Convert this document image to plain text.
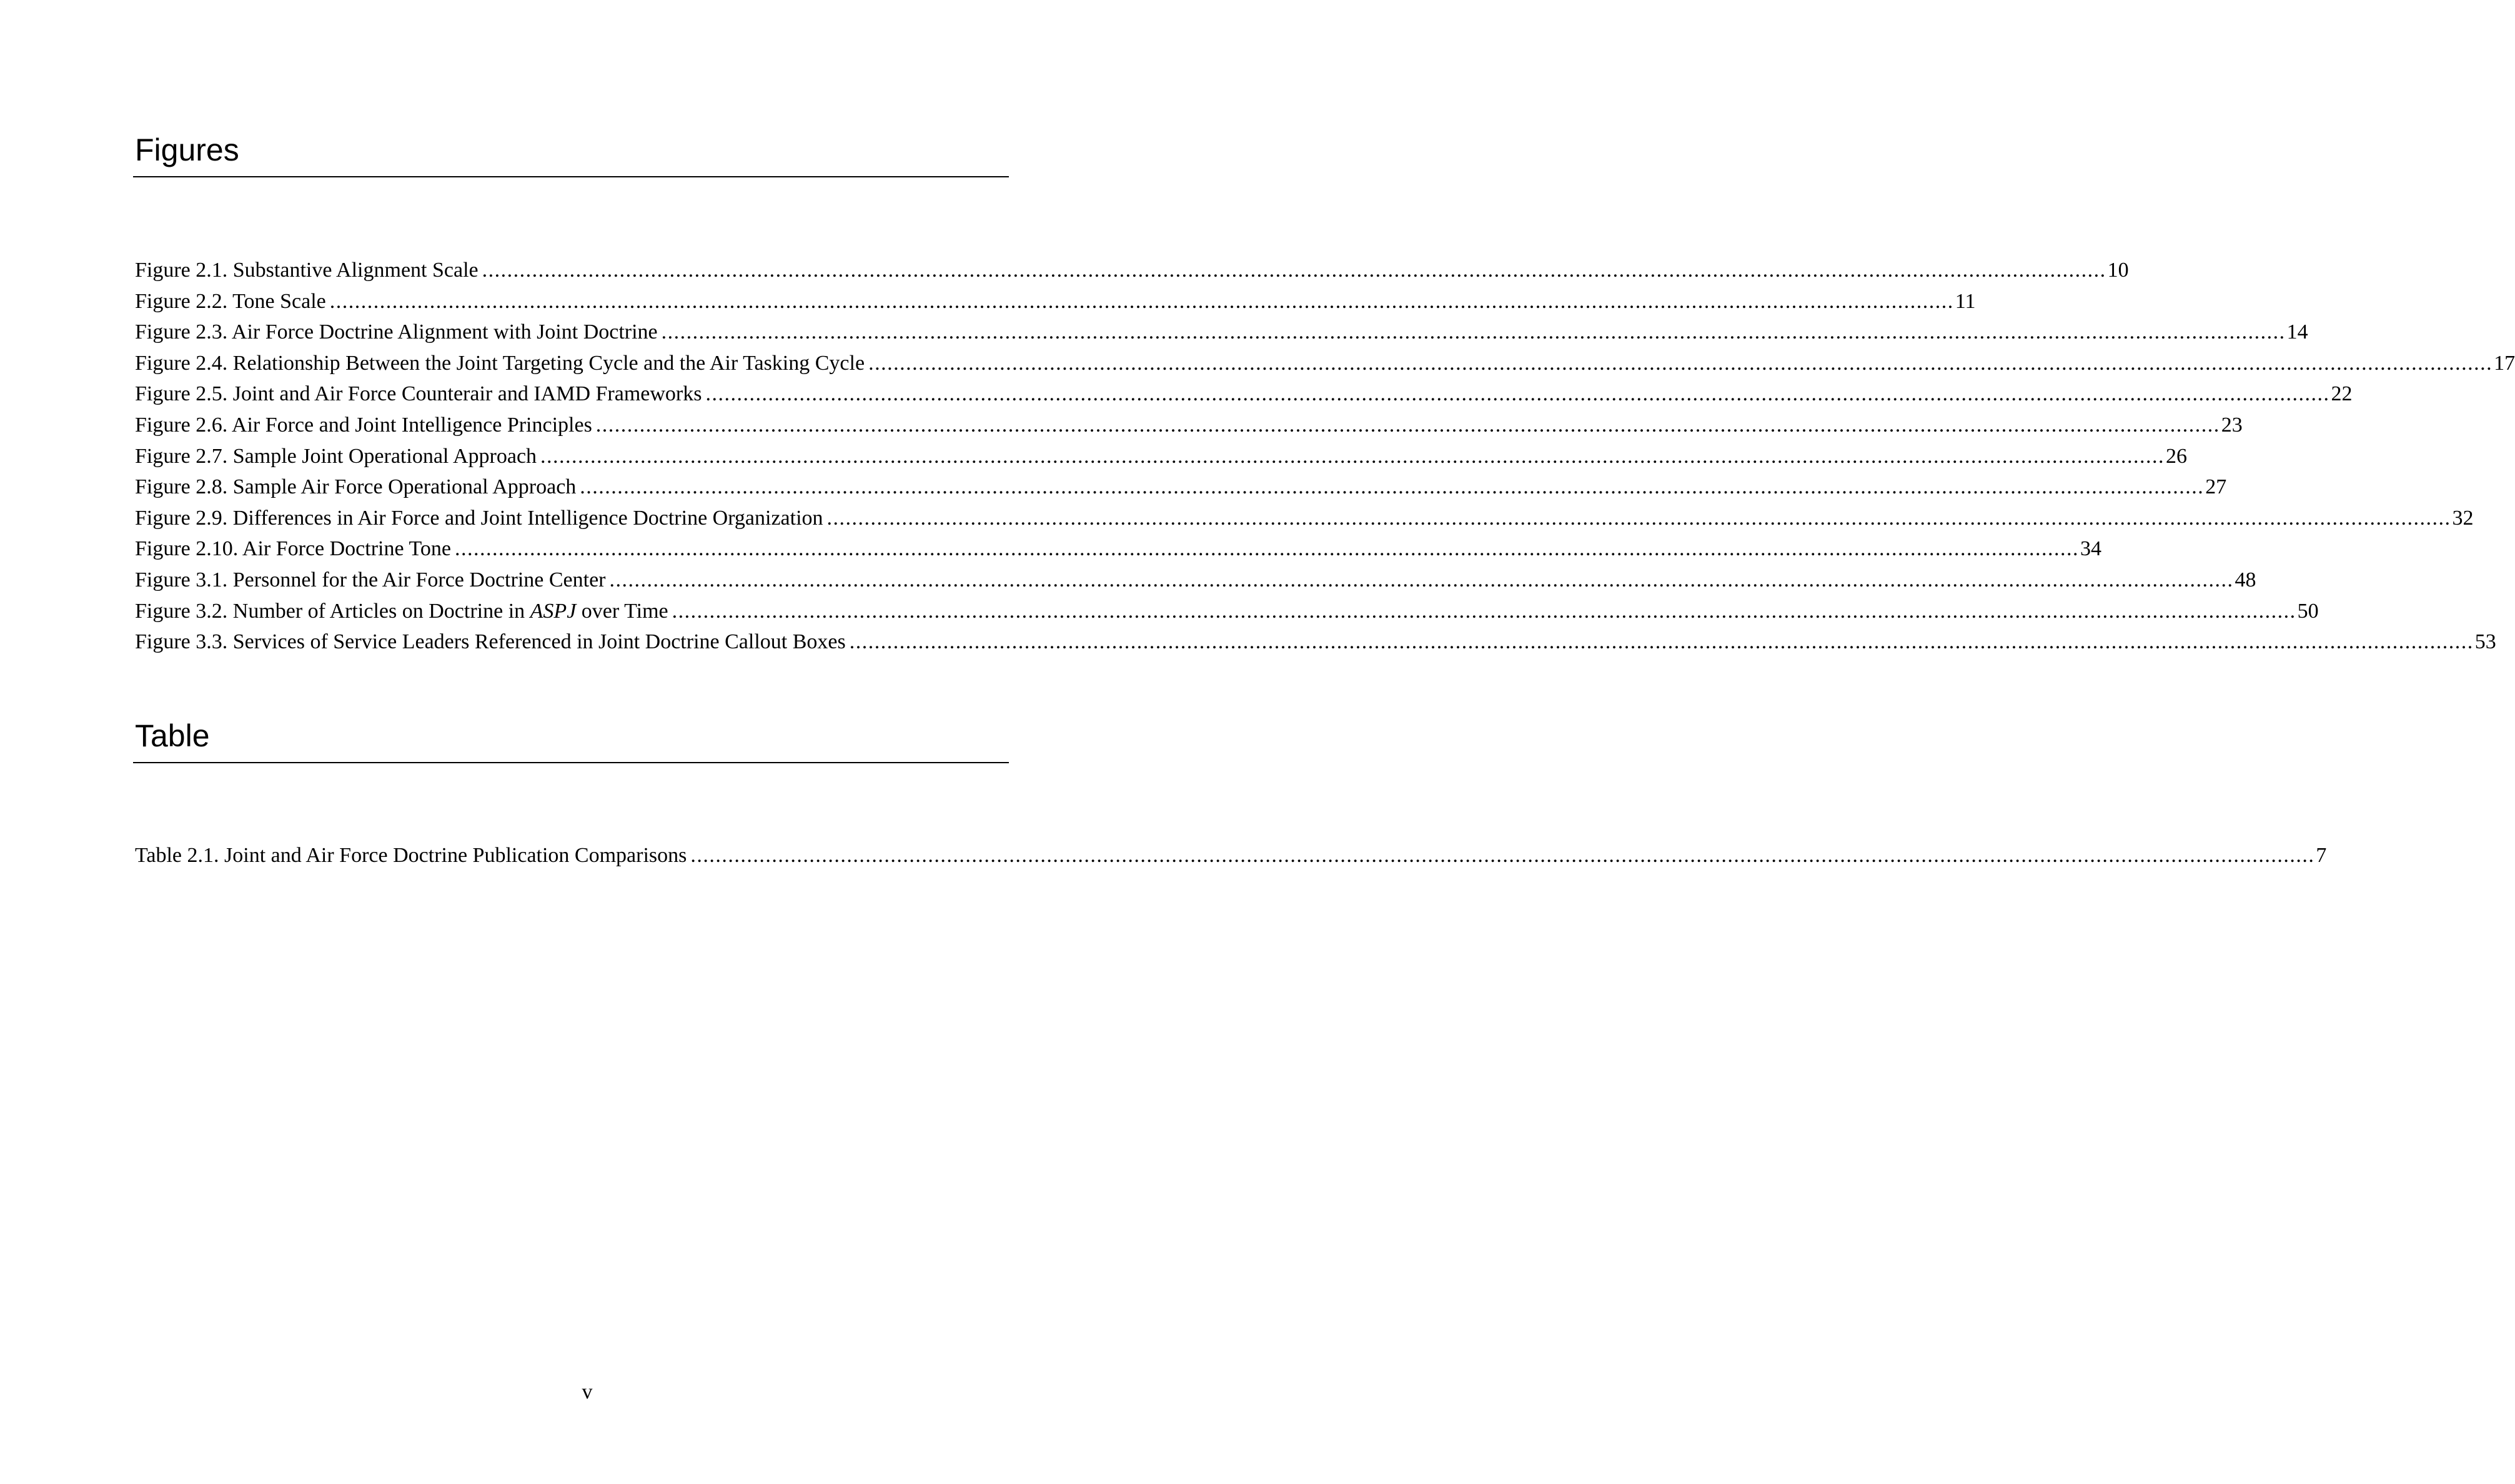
Figures
Figure 2.1. Substantive Alignment Scale .................................................................................................................................................................................................................................................................... 10
Figure 2.2. Tone Scale .................................................................................................................................................................................................................................................................... 11
Figure 2.3. Air Force Doctrine Alignment with Joint Doctrine .................................................................................................................................................................................................................................................................... 14
Figure 2.4. Relationship Between the Joint Targeting Cycle and the Air Tasking Cycle .................................................................................................................................................................................................................................................................... 17
Figure 2.5. Joint and Air Force Counterair and IAMD Frameworks .................................................................................................................................................................................................................................................................... 22
Figure 2.6. Air Force and Joint Intelligence Principles .................................................................................................................................................................................................................................................................... 23
Figure 2.7. Sample Joint Operational Approach .................................................................................................................................................................................................................................................................... 26
Figure 2.8. Sample Air Force Operational Approach .................................................................................................................................................................................................................................................................... 27
Figure 2.9. Differences in Air Force and Joint Intelligence Doctrine Organization .................................................................................................................................................................................................................................................................... 32
Figure 2.10. Air Force Doctrine Tone .................................................................................................................................................................................................................................................................... 34
Figure 3.1. Personnel for the Air Force Doctrine Center .................................................................................................................................................................................................................................................................... 48
Figure 3.2. Number of Articles on Doctrine in ASPJ over Time .................................................................................................................................................................................................................................................................... 50
Figure 3.3. Services of Service Leaders Referenced in Joint Doctrine Callout Boxes .................................................................................................................................................................................................................................................................... 53
Table
Table 2.1. Joint and Air Force Doctrine Publication Comparisons .................................................................................................................................................................................................................................................................... 7
v
